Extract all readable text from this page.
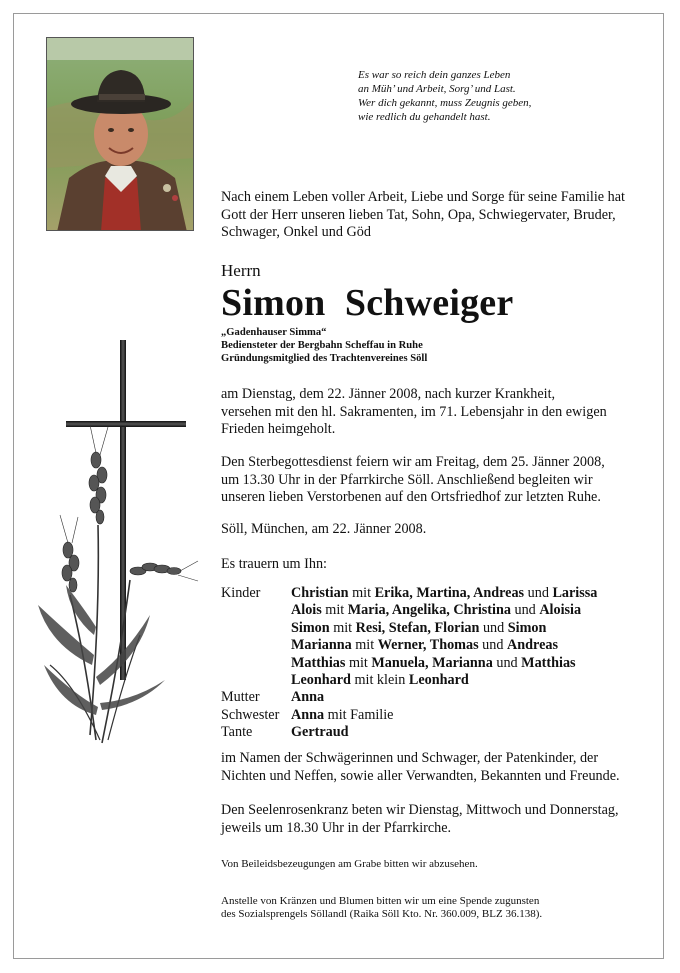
Es war so reich dein ganzes Leben
an Müh’ und Arbeit, Sorg’ und Last.
Wer dich gekannt, muss Zeugnis geben,
wie redlich du gehandelt hast.
Nach einem Leben voller Arbeit, Liebe und Sorge für seine Familie hat
Gott der Herr unseren lieben Tat, Sohn, Opa, Schwiegervater, Bruder,
Schwager, Onkel und Göd
Herrn
Simon  Schweiger
„Gadenhauser Simma“
Bediensteter der Bergbahn Scheffau in Ruhe
Gründungsmitglied des Trachtenvereines Söll
am Dienstag, dem 22. Jänner 2008, nach kurzer Krankheit,
versehen mit den hl. Sakramenten, im 71. Lebensjahr in den ewigen
Frieden heimgeholt.
Den Sterbegottesdienst feiern wir am Freitag, dem 25. Jänner 2008,
um 13.30 Uhr in der Pfarrkirche Söll. Anschließend begleiten wir
unseren lieben Verstorbenen auf den Ortsfriedhof zur letzten Ruhe.
Söll, München, am 22. Jänner 2008.
Es trauern um Ihn:
Kinder	Christian mit Erika, Martina, Andreas und Larissa
Alois mit Maria, Angelika, Christina und Aloisia
Simon mit Resi, Stefan, Florian und Simon
Marianna mit Werner, Thomas und Andreas
Matthias mit Manuela, Marianna und Matthias
Leonhard mit klein Leonhard
Mutter	Anna
Schwester Anna mit Familie
Tante	Gertraud
im Namen der Schwägerinnen und Schwager, der Patenkinder, der
Nichten und Neffen, sowie aller Verwandten, Bekannten und Freunde.
Den Seelenrosenkranz beten wir Dienstag, Mittwoch und Donnerstag,
jeweils um 18.30 Uhr in der Pfarrkirche.
Von Beileidsbezeugungen am Grabe bitten wir abzusehen.
Anstelle von Kränzen und Blumen bitten wir um eine Spende zugunsten
des Sozialsprengels Söllandl (Raika Söll Kto. Nr. 360.009, BLZ 36.138).
